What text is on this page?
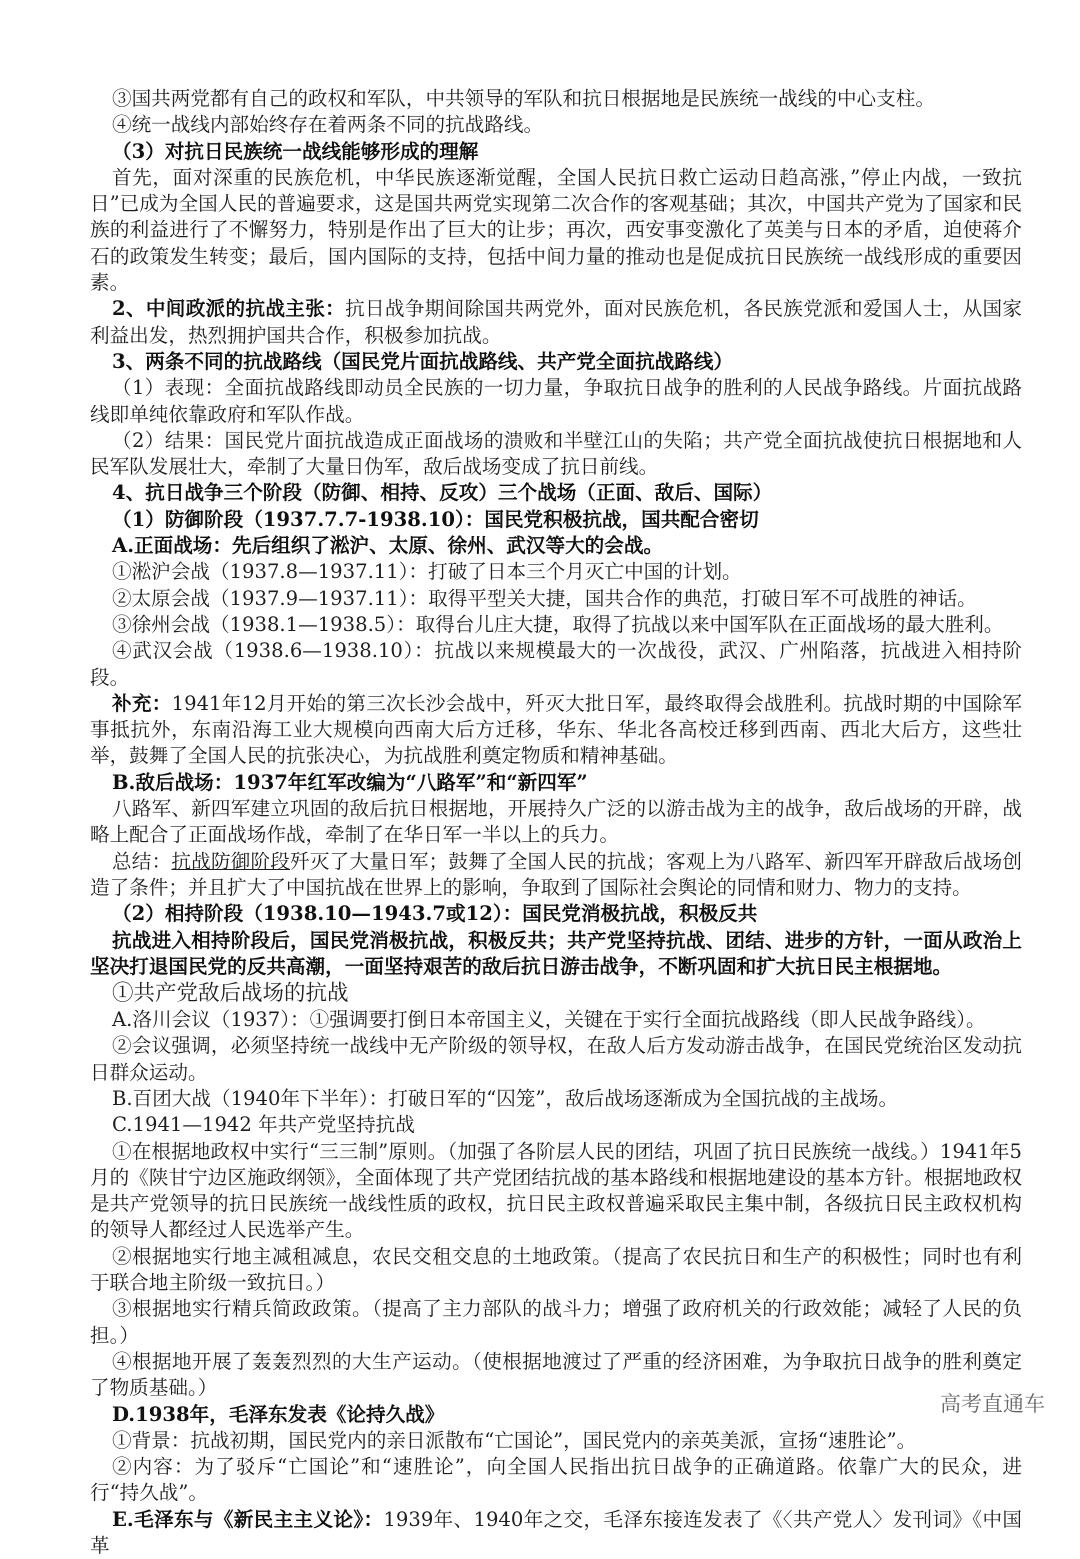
③国共两党都有自己的政权和军队，中共领导的军队和抗日根据地是民族统一战线的中心支柱。

④统一战线内部始终存在着两条不同的抗战路线。

（3）对抗日民族统一战线能够形成的理解

首先，面对深重的民族危机，中华民族逐渐觉醒，全国人民抗日救亡运动日趋高涨，”停止内战，一致抗日”已成为全国人民的普遍要求，这是国共两党实现第二次合作的客观基础；其次，中国共产党为了国家和民族的利益进行了不懈努力，特别是作出了巨大的让步；再次，西安事变激化了英美与日本的矛盾，迫使蒋介石的政策发生转变；最后，国内国际的支持，包括中间力量的推动也是促成抗日民族统一战线形成的重要因素。

2、中间政派的抗战主张：抗日战争期间除国共两党外，面对民族危机，各民族党派和爱国人士，从国家利益出发，热烈拥护国共合作，积极参加抗战。

3、两条不同的抗战路线（国民党片面抗战路线、共产党全面抗战路线）

（1）表现：全面抗战路线即动员全民族的一切力量，争取抗日战争的胜利的人民战争路线。片面抗战路线即单纯依靠政府和军队作战。

（2）结果：国民党片面抗战造成正面战场的溃败和半壁江山的失陷；共产党全面抗战使抗日根据地和人民军队发展壮大，牵制了大量日伪军，敌后战场变成了抗日前线。

4、抗日战争三个阶段（防御、相持、反攻）三个战场（正面、敌后、国际）

（1）防御阶段（1937.7.7-1938.10）：国民党积极抗战，国共配合密切

A.正面战场：先后组织了淞沪、太原、徐州、武汉等大的会战。

①淞沪会战（1937.8—1937.11）：打破了日本三个月灭亡中国的计划。

②太原会战（1937.9—1937.11）：取得平型关大捷，国共合作的典范，打破日军不可战胜的神话。

③徐州会战（1938.1—1938.5）：取得台儿庄大捷，取得了抗战以来中国军队在正面战场的最大胜利。

④武汉会战（1938.6—1938.10）：抗战以来规模最大的一次战役，武汉、广州陷落，抗战进入相持阶段。

补充：1941年12月开始的第三次长沙会战中，歼灭大批日军，最终取得会战胜利。抗战时期的中国除军事抵抗外，东南沿海工业大规模向西南大后方迁移，华东、华北各高校迁移到西南、西北大后方，这些壮举，鼓舞了全国人民的抗张决心，为抗战胜利奠定物质和精神基础。

B.敌后战场：1937年红军改编为“八路军”和“新四军”

八路军、新四军建立巩固的敌后抗日根据地，开展持久广泛的以游击战为主的战争，敌后战场的开辟，战略上配合了正面战场作战，牵制了在华日军一半以上的兵力。

总结：抗战防御阶段歼灭了大量日军；鼓舞了全国人民的抗战；客观上为八路军、新四军开辟敌后战场创造了条件；并且扩大了中国抗战在世界上的影响，争取到了国际社会舆论的同情和财力、物力的支持。

（2）相持阶段（1938.10—1943.7或12）：国民党消极抗战，积极反共

抗战进入相持阶段后，国民党消极抗战，积极反共；共产党坚持抗战、团结、进步的方针，一面从政治上坚决打退国民党的反共高潮，一面坚持艰苦的敌后抗日游击战争，不断巩固和扩大抗日民主根据地。

①共产党敌后战场的抗战

A.洛川会议（1937）：①强调要打倒日本帝国主义，关键在于实行全面抗战路线（即人民战争路线）。

②会议强调，必须坚持统一战线中无产阶级的领导权，在敌人后方发动游击战争，在国民党统治区发动抗日群众运动。

B.百团大战（1940年下半年）：打破日军的“囚笼”，敌后战场逐渐成为全国抗战的主战场。

C.1941—1942 年共产党坚持抗战

①在根据地政权中实行“三三制”原则。（加强了各阶层人民的团结，巩固了抗日民族统一战线。）1941年5月的《陕甘宁边区施政纲领》，全面体现了共产党团结抗战的基本路线和根据地建设的基本方针。根据地政权是共产党领导的抗日民族统一战线性质的政权，抗日民主政权普遍采取民主集中制，各级抗日民主政权机构的领导人都经过人民选举产生。

②根据地实行地主减租减息，农民交租交息的土地政策。（提高了农民抗日和生产的积极性；同时也有利于联合地主阶级一致抗日。）

③根据地实行精兵简政政策。（提高了主力部队的战斗力；增强了政府机关的行政效能；减轻了人民的负担。）

④根据地开展了轰轰烈烈的大生产运动。（使根据地渡过了严重的经济困难，为争取抗日战争的胜利奠定了物质基础。）

D.1938年，毛泽东发表《论持久战》

①背景：抗战初期，国民党内的亲日派散布“亡国论”，国民党内的亲英美派，宣扬“速胜论”。

②内容：为了驳斥“亡国论”和“速胜论”，向全国人民指出抗日战争的正确道路。依靠广大的民众，进行“持久战”。

E.毛泽东与《新民主主义论》：1939年、1940年之交，毛泽东接连发表了《〈共产党人〉发刊词》《中国革

高考直通车
